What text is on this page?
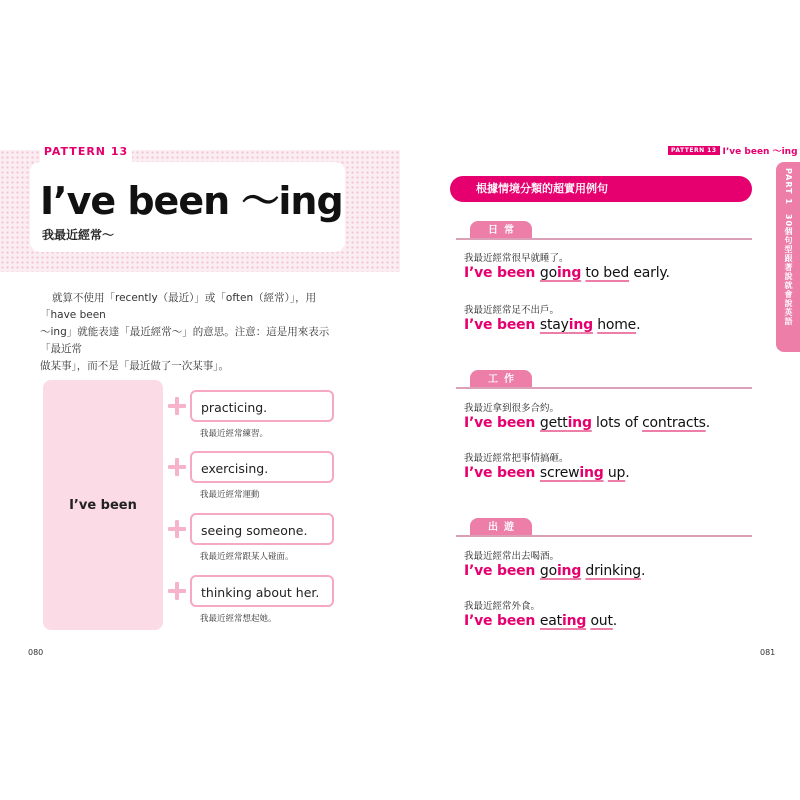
PATTERN 13
I’ve been ～ing
我最近經常～
就算不使用「recently（最近）」或「often（經常）」，用「have been
～ing」就能表達「最近經常～」的意思。注意：這是用來表示「最近常
做某事」，而不是「最近做了一次某事」。
I’ve been
practicing.
我最近經常練習。
exercising.
我最近經常運動
seeing someone.
我最近經常跟某人碰面。
thinking about her.
我最近經常想起她。
080
PATTERN 13 I’ve been ～ing
PART 1　30個句型跟著說就會說英語
根據情境分類的超實用例句
日常
我最近經常很早就睡了。
I’ve been going to bed early.
我最近經常足不出戶。
I’ve been staying home.
工作
我最近拿到很多合約。
I’ve been getting lots of contracts.
我最近經常把事情搞砸。
I’ve been screwing up.
出遊
我最近經常出去喝酒。
I’ve been going drinking.
我最近經常外食。
I’ve been eating out.
081
